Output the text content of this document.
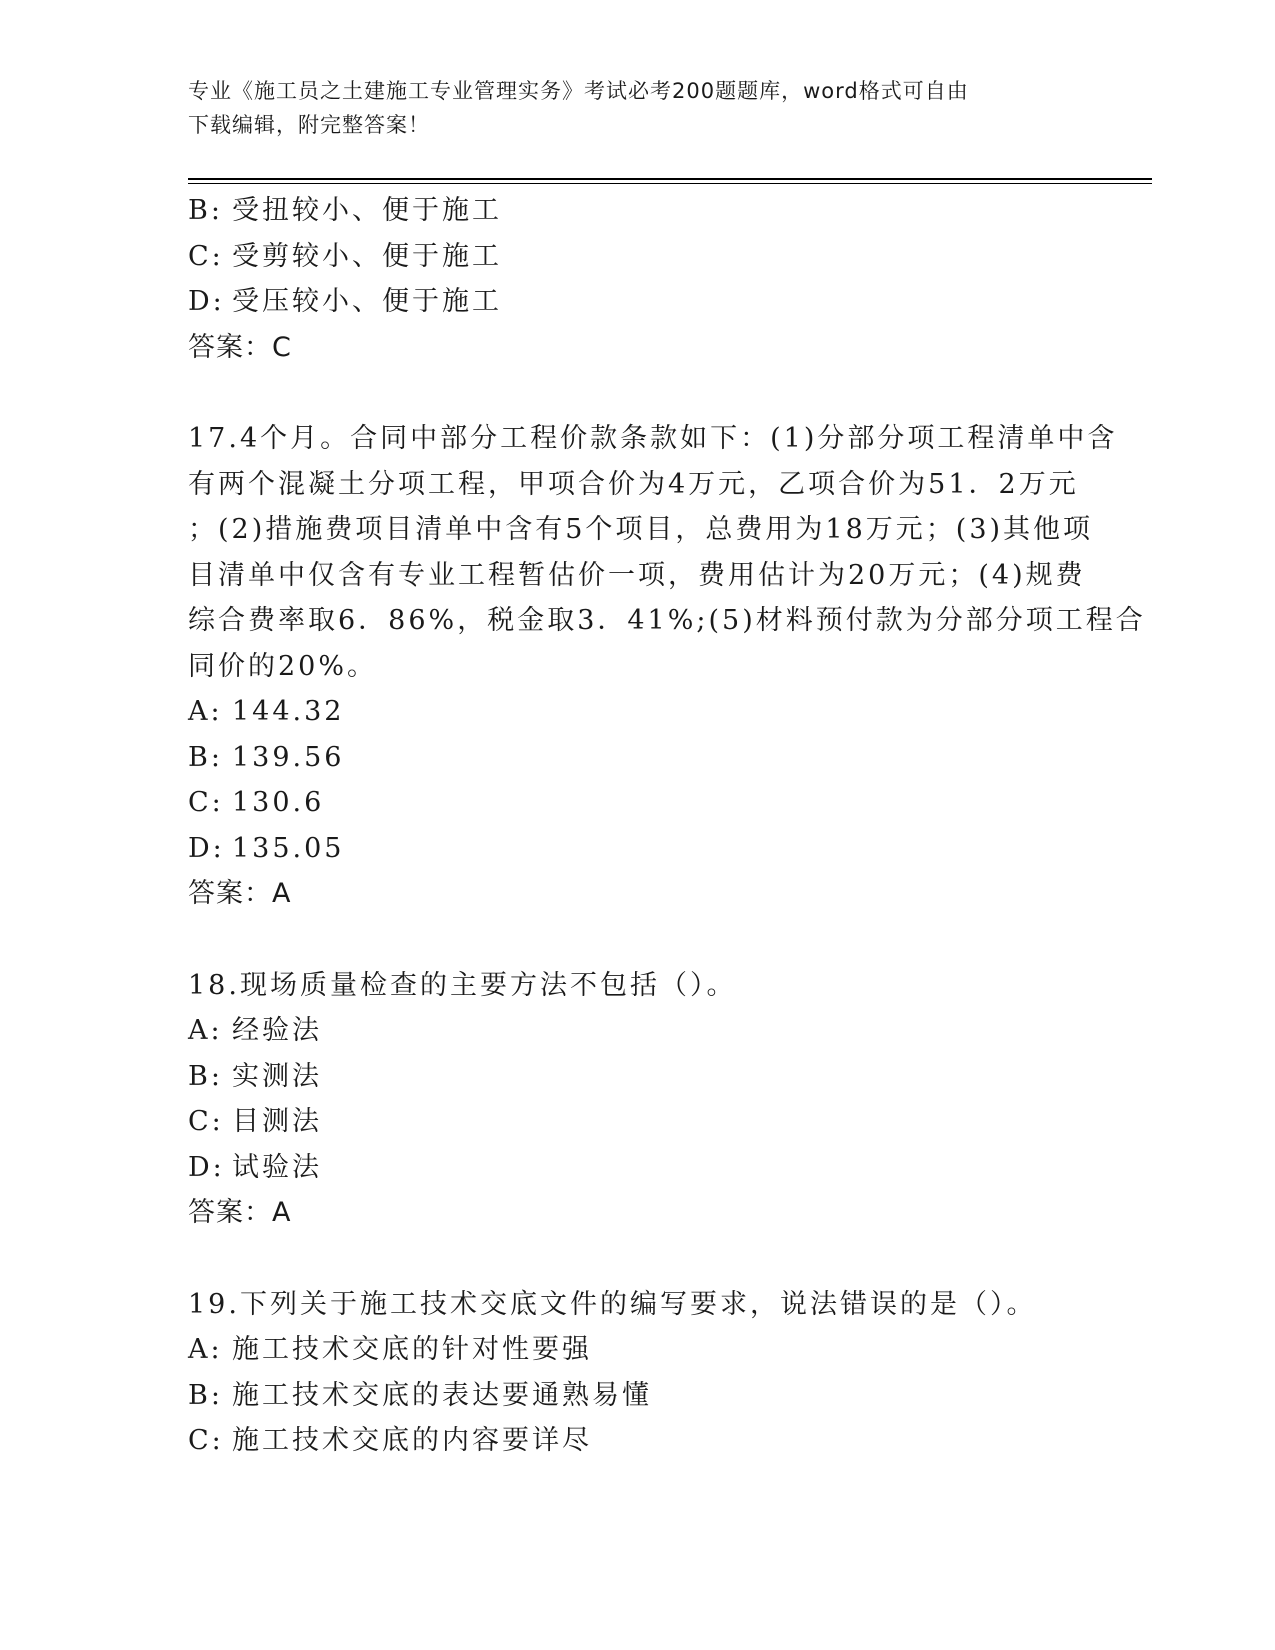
专业《施工员之土建施工专业管理实务》考试必考200题题库，word格式可自由
下载编辑，附完整答案！
B: 受扭较小、便于施工
C: 受剪较小、便于施工
D: 受压较小、便于施工
答案：C
17.4个月。合同中部分工程价款条款如下：(1)分部分项工程清单中含
有两个混凝土分项工程，甲项合价为4万元，乙项合价为51．2万元
；(2)措施费项目清单中含有5个项目，总费用为18万元；(3)其他项
目清单中仅含有专业工程暂估价一项，费用估计为20万元；(4)规费
综合费率取6．86%，税金取3．41%;(5)材料预付款为分部分项工程合
同价的20%。
A: 144.32
B: 139.56
C: 130.6
D: 135.05
答案：A
18.现场质量检查的主要方法不包括（）。
A: 经验法
B: 实测法
C: 目测法
D: 试验法
答案：A
19.下列关于施工技术交底文件的编写要求，说法错误的是（）。
A: 施工技术交底的针对性要强
B: 施工技术交底的表达要通熟易懂
C: 施工技术交底的内容要详尽
